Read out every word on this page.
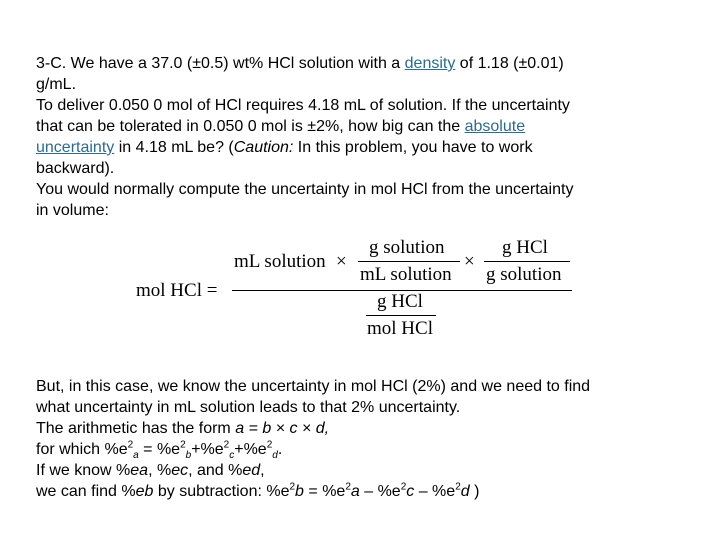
3-C. We have a 37.0 (±0.5) wt% HCl solution with a density of 1.18 (±0.01)
g/mL.
To deliver 0.050 0 mol of HCl requires 4.18 mL of solution. If the uncertainty
that can be tolerated in 0.050 0 mol is ±2%, how big can the absolute
uncertainty in 4.18 mL be? (Caution: In this problem, you have to work
backward).
You would normally compute the uncertainty in mol HCl from the uncertainty
in volume:
mol HCl =
mL solution ×
g solution
mL solution
×
g HCl
g solution
g HCl
mol HCl
But, in this case, we know the uncertainty in mol HCl (2%) and we need to find
what uncertainty in mL solution leads to that 2% uncertainty.
The arithmetic has the form a = b × c × d,
for which $\%e^2_a = \%e^2_b+\%e^2_c+\%e^2_d$.
If we know %ea, %ec, and %ed,
we can find %eb by subtraction: $\%e^2b = \%e^2a - \%e^2c - \%e^2d$ )
